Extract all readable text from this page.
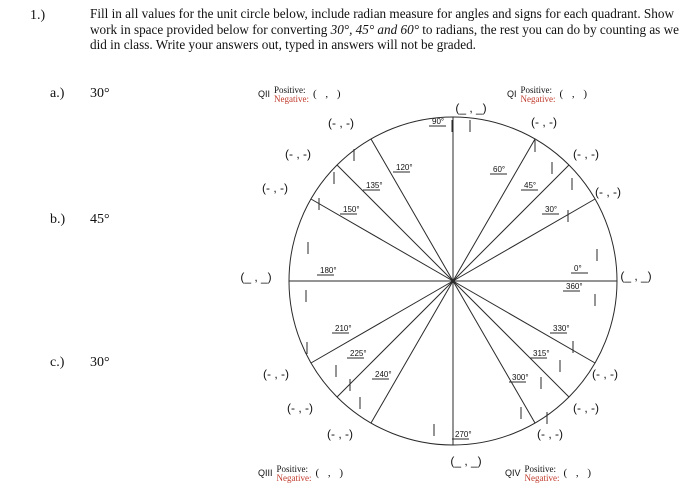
1.)	Fill in all values for the unit circle below, include radian measure for angles and signs for each quadrant. Show work in space provided below for converting 30°, 45° and 60° to radians, the rest you can do by counting as we did in class. Write your answers out, typed in answers will not be graded.
a.) 30°
b.) 45°
c.) 30°
QII Positive:
Negative: ( , )	QI Positive:
Negative: ( , )
QIII Positive:
Negative: ( , )	QIV Positive:
Negative: ( , )
0°
30°
45°
60°
90°
120°
135°
150°
180°
210°
225°
240°
270°
300°
315°
330°
360°
(_ , _)
(- , -)
(- , -)
(- , -)
(_ , _)
(- , -)
(- , -)
(- , -)
(_ , _)
(- , -)
(- , -)
(- , -)
(_ , _)
(- , -)
(- , -)
(- , -)
